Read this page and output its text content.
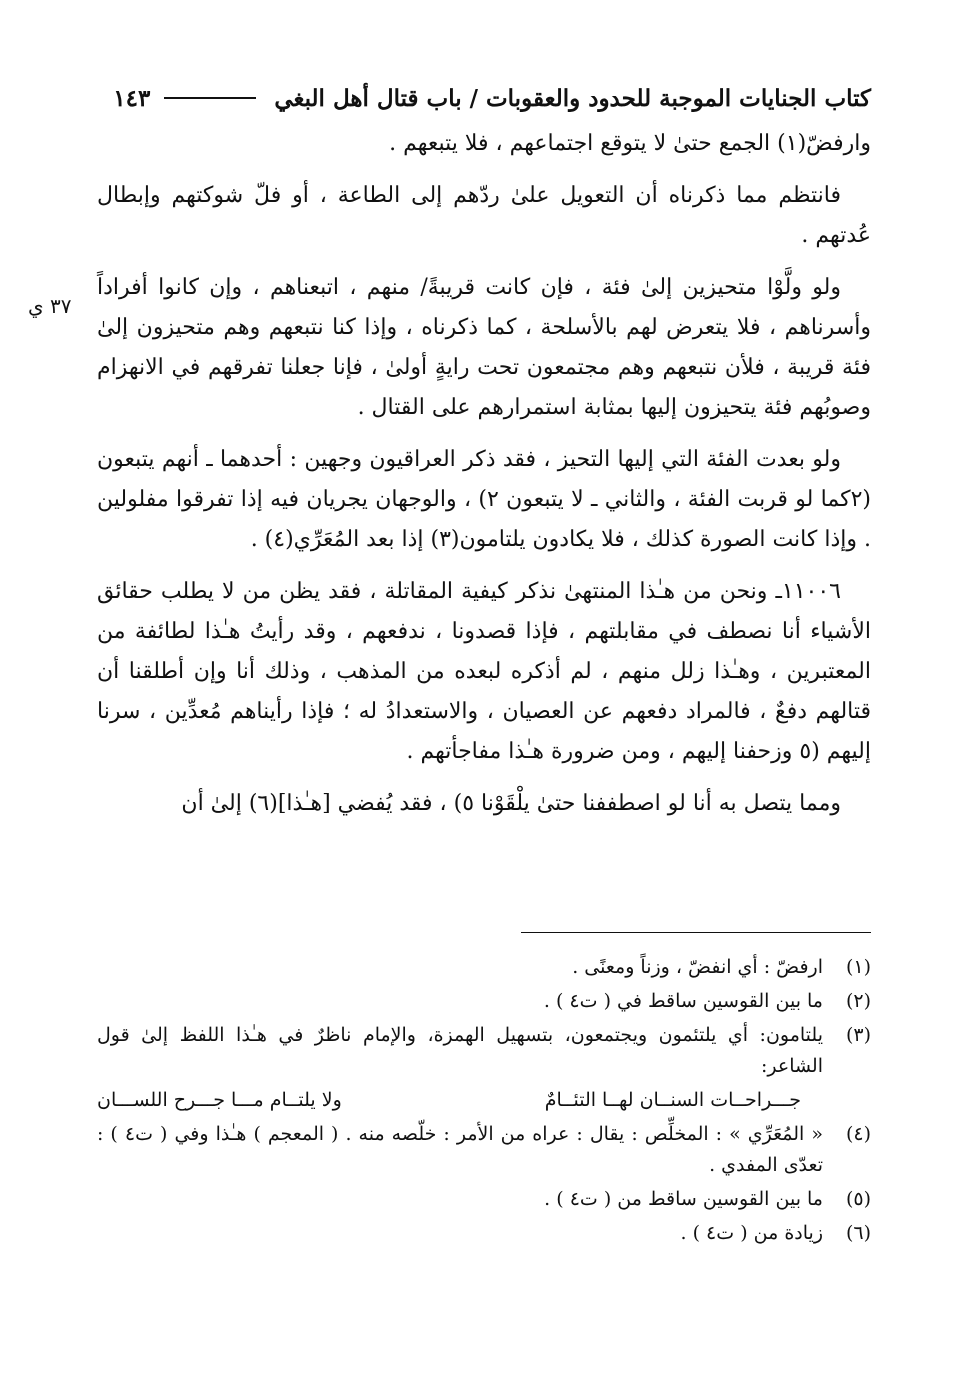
كتاب الجنايات الموجبة للحدود والعقوبات / باب قتال أهل البغي
١٤٣
٣٧ ي

وارفضّ(١) الجمع حتىٰ لا يتوقع اجتماعهم ، فلا يتبعهم .

فانتظم مما ذكرناه أن التعويل علىٰ ردّهم إلى الطاعة ، أو فلّ شوكتهم وإبطال عُدتهم .

ولو ولَّوْا متحيزين إلىٰ فئة ، فإن كانت قريبةً/ منهم ، اتبعناهم ، وإن كانوا أفراداً وأسرناهم ، فلا يتعرض لهم بالأسلحة ، كما ذكرناه ، وإذا كنا نتبعهم وهم متحيزون إلىٰ فئة قريبة ، فلأن نتبعهم وهم مجتمعون تحت رايةٍ أولىٰ ، فإنا جعلنا تفرقهم في الانهزام وصوبُهم فئة يتحيزون إليها بمثابة استمرارهم على القتال .

ولو بعدت الفئة التي إليها التحيز ، فقد ذكر العراقيون وجهين : أحدهما ـ أنهم يتبعون (٢كما لو قربت الفئة ، والثاني ـ لا يتبعون ٢) ، والوجهان يجريان فيه إذا تفرقوا مفلولين . وإذا كانت الصورة كذلك ، فلا يكادون يلتامون(٣) إذا بعد المُعَرِّي(٤) .

١١٠٠٦ـ ونحن من هـٰذا المنتهىٰ نذكر كيفية المقاتلة ، فقد يظن من لا يطلب حقائق الأشياء أنا نصطف في مقابلتهم ، فإذا قصدونا ، ندفعهم ، وقد رأيتُ هـٰذا لطائفة من المعتبرين ، وهـٰذا زلل منهم ، لم أذكره لبعده من المذهب ، وذلك أنا وإن أطلقنا أن قتالهم دفعٌ ، فالمراد دفعهم عن العصيان ، والاستعدادُ له ؛ فإذا رأيناهم مُعدِّين ، سرنا إليهم (٥ وزحفنا إليهم ، ومن ضرورة هـٰذا مفاجأتهم .

ومما يتصل به أنا لو اصطففنا حتىٰ يلْقَوْنا ٥) ، فقد يُفضي [هـٰذا](٦) إلىٰ أن

(١)
ارفضّ : أي انفضّ ، وزناً ومعنًى .
(٢)
ما بين القوسين ساقط في ( ت٤ ) .
(٣)
يلتامون: أي يلتئمون ويجتمعون، بتسهيل الهمزة، والإمام ناظرٌ في هـٰذا اللفظ إلىٰ قول الشاعر:
جـــراحــات السنــان لهــا التئــامٌ
ولا يلتــام مـــا جـــرح اللســـان
(٤)
« المُعَرِّي » : المخلِّص : يقال : عراه من الأمر : خلّصه منه . ( المعجم ) هـٰذا وفي ( ت٤ ) : تعدّى المفدي .
(٥)
ما بين القوسين ساقط من ( ت٤ ) .
(٦)
زيادة من ( ت٤ ) .
